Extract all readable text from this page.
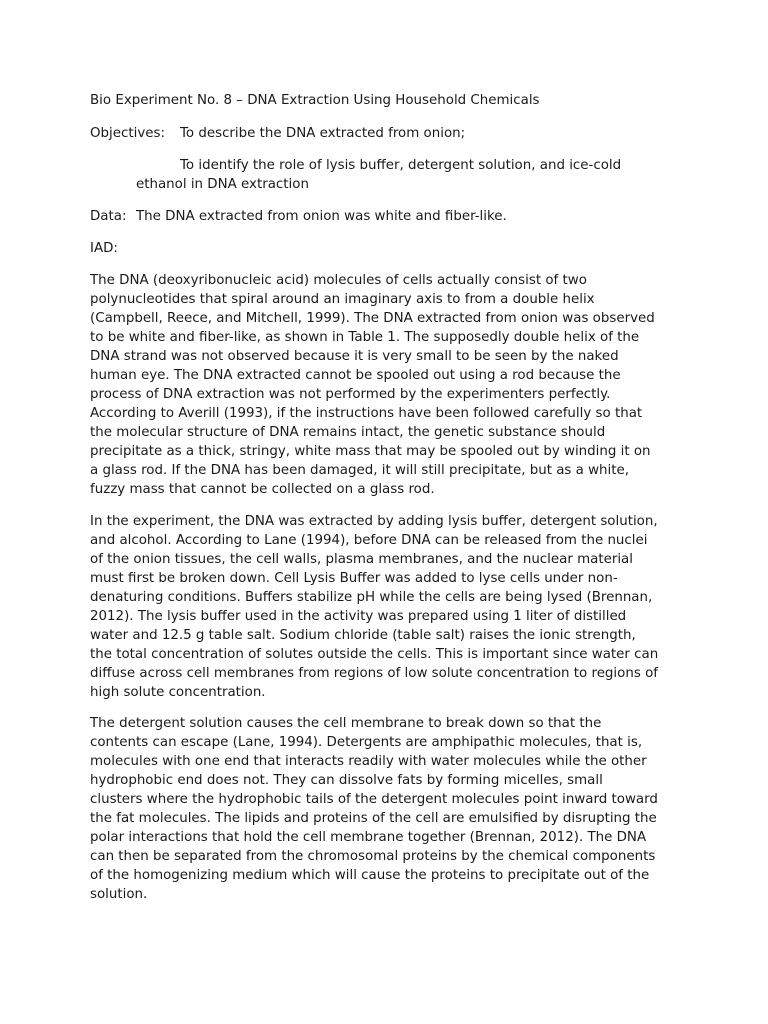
Bio Experiment No. 8 – DNA Extraction Using Household Chemicals

Objectives: To describe the DNA extracted from onion;

To identify the role of lysis buffer, detergent solution, and ice-cold

ethanol in DNA extraction

Data: The DNA extracted from onion was white and fiber-like.

IAD:

The DNA (deoxyribonucleic acid) molecules of cells actually consist of two
polynucleotides that spiral around an imaginary axis to from a double helix
(Campbell, Reece, and Mitchell, 1999). The DNA extracted from onion was observed
to be white and fiber-like, as shown in Table 1. The supposedly double helix of the
DNA strand was not observed because it is very small to be seen by the naked
human eye. The DNA extracted cannot be spooled out using a rod because the
process of DNA extraction was not performed by the experimenters perfectly.
According to Averill (1993), if the instructions have been followed carefully so that
the molecular structure of DNA remains intact, the genetic substance should
precipitate as a thick, stringy, white mass that may be spooled out by winding it on
a glass rod. If the DNA has been damaged, it will still precipitate, but as a white,
fuzzy mass that cannot be collected on a glass rod.
In the experiment, the DNA was extracted by adding lysis buffer, detergent solution,
and alcohol. According to Lane (1994), before DNA can be released from the nuclei
of the onion tissues, the cell walls, plasma membranes, and the nuclear material
must first be broken down. Cell Lysis Buffer was added to lyse cells under non-
denaturing conditions. Buffers stabilize pH while the cells are being lysed (Brennan,
2012). The lysis buffer used in the activity was prepared using 1 liter of distilled
water and 12.5 g table salt. Sodium chloride (table salt) raises the ionic strength,
the total concentration of solutes outside the cells. This is important since water can
diffuse across cell membranes from regions of low solute concentration to regions of
high solute concentration.
The detergent solution causes the cell membrane to break down so that the
contents can escape (Lane, 1994). Detergents are amphipathic molecules, that is,
molecules with one end that interacts readily with water molecules while the other
hydrophobic end does not. They can dissolve fats by forming micelles, small
clusters where the hydrophobic tails of the detergent molecules point inward toward
the fat molecules. The lipids and proteins of the cell are emulsified by disrupting the
polar interactions that hold the cell membrane together (Brennan, 2012). The DNA
can then be separated from the chromosomal proteins by the chemical components
of the homogenizing medium which will cause the proteins to precipitate out of the
solution.
